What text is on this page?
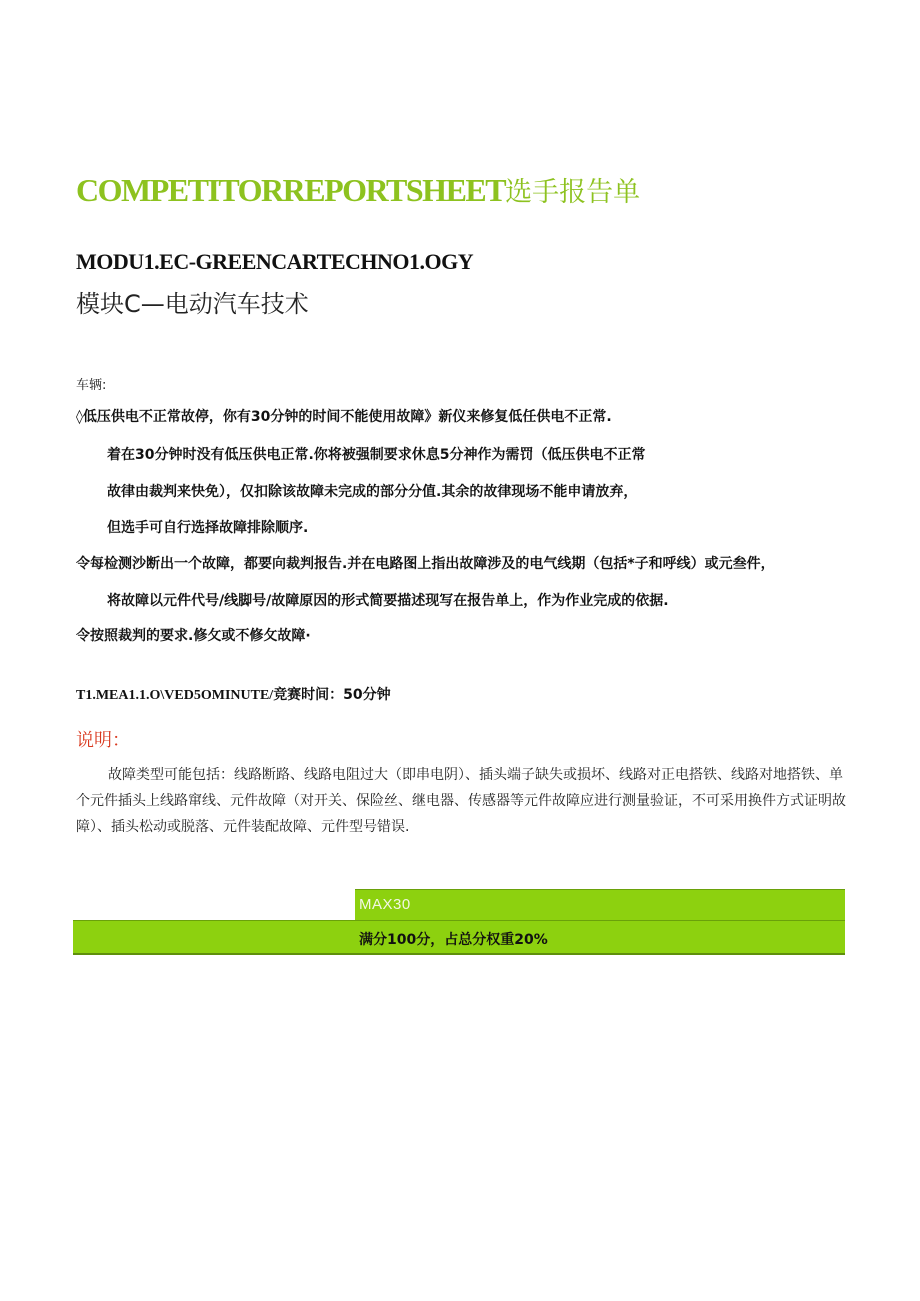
COMPETITORREPORTSHEET选手报告单
MODU1.EC-GREENCARTECHNO1.OGY
模块C—电动汽车技术
车辆:
◊低压供电不正常故停，你有30分钟的时间不能使用故障》新仪来修复低任供电不正常.
着在30分钟时没有低压供电正常.你将被强制要求休息5分神作为需罚（低压供电不正常
故律由裁判来快免），仅扣除该故障未完成的部分分值.其余的故律现场不能申请放弃，
但选手可自行选择故障排除顺序.
令每检测沙断出一个故障，都要向裁判报告.并在电路图上指出故障涉及的电气线期（包括*子和呼线）或元叁件，
将故障以元件代号/线脚号/故障原因的形式简要描述现写在报告单上，作为作业完成的依据.
令按照裁判的要求.修攵或不修攵故障·
T1.MEA1.1.O\VED5OMINUTE/竞赛时间：50分钟
说明：
故障类型可能包括：线路断路、线路电阻过大（即串电阴）、插头端子缺失或损坏、线路对正电搭铁、线路对地搭铁、单个元件插头上线路窜线、元件故障（对开关、保险丝、继电器、传感器等元件故障应进行测量验证，不可采用换件方式证明故障）、插头松动或脱落、元件装配故障、元件型号错误.
MAX30
满分100分，占总分权重20%
